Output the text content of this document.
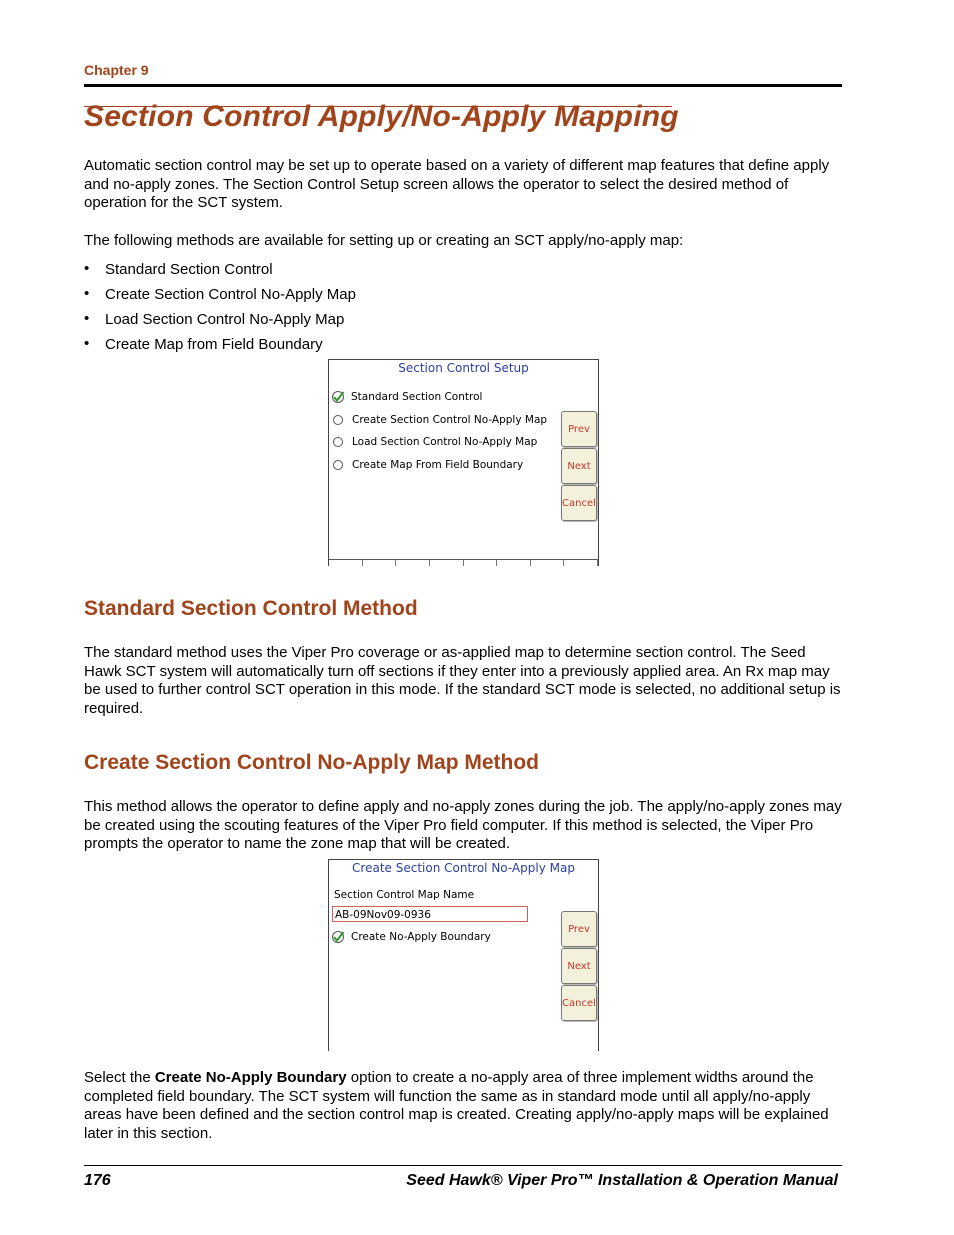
Chapter 9
Section Control Apply/No-Apply Mapping
Automatic section control may be set up to operate based on a variety of different map features that define apply and no-apply zones. The Section Control Setup screen allows the operator to select the desired method of operation for the SCT system.
The following methods are available for setting up or creating an SCT apply/no-apply map:
• Standard Section Control
• Create Section Control No-Apply Map
• Load Section Control No-Apply Map
• Create Map from Field Boundary
Section Control Setup
Standard Section Control
Create Section Control No-Apply Map
Load Section Control No-Apply Map
Create Map From Field Boundary
Prev
Next
Cancel
Standard Section Control Method
The standard method uses the Viper Pro coverage or as-applied map to determine section control. The Seed Hawk SCT system will automatically turn off sections if they enter into a previously applied area. An Rx map may be used to further control SCT operation in this mode. If the standard SCT mode is selected, no additional setup is required.
Create Section Control No-Apply Map Method
This method allows the operator to define apply and no-apply zones during the job. The apply/no-apply zones may be created using the scouting features of the Viper Pro field computer. If this method is selected, the Viper Pro prompts the operator to name the zone map that will be created.
Create Section Control No-Apply Map
Section Control Map Name
AB-09Nov09-0936
Create No-Apply Boundary
Prev
Next
Cancel
Select the Create No-Apply Boundary option to create a no-apply area of three implement widths around the completed field boundary. The SCT system will function the same as in standard mode until all apply/no-apply areas have been defined and the section control map is created. Creating apply/no-apply maps will be explained later in this section.
176	Seed Hawk® Viper Pro™ Installation & Operation Manual
